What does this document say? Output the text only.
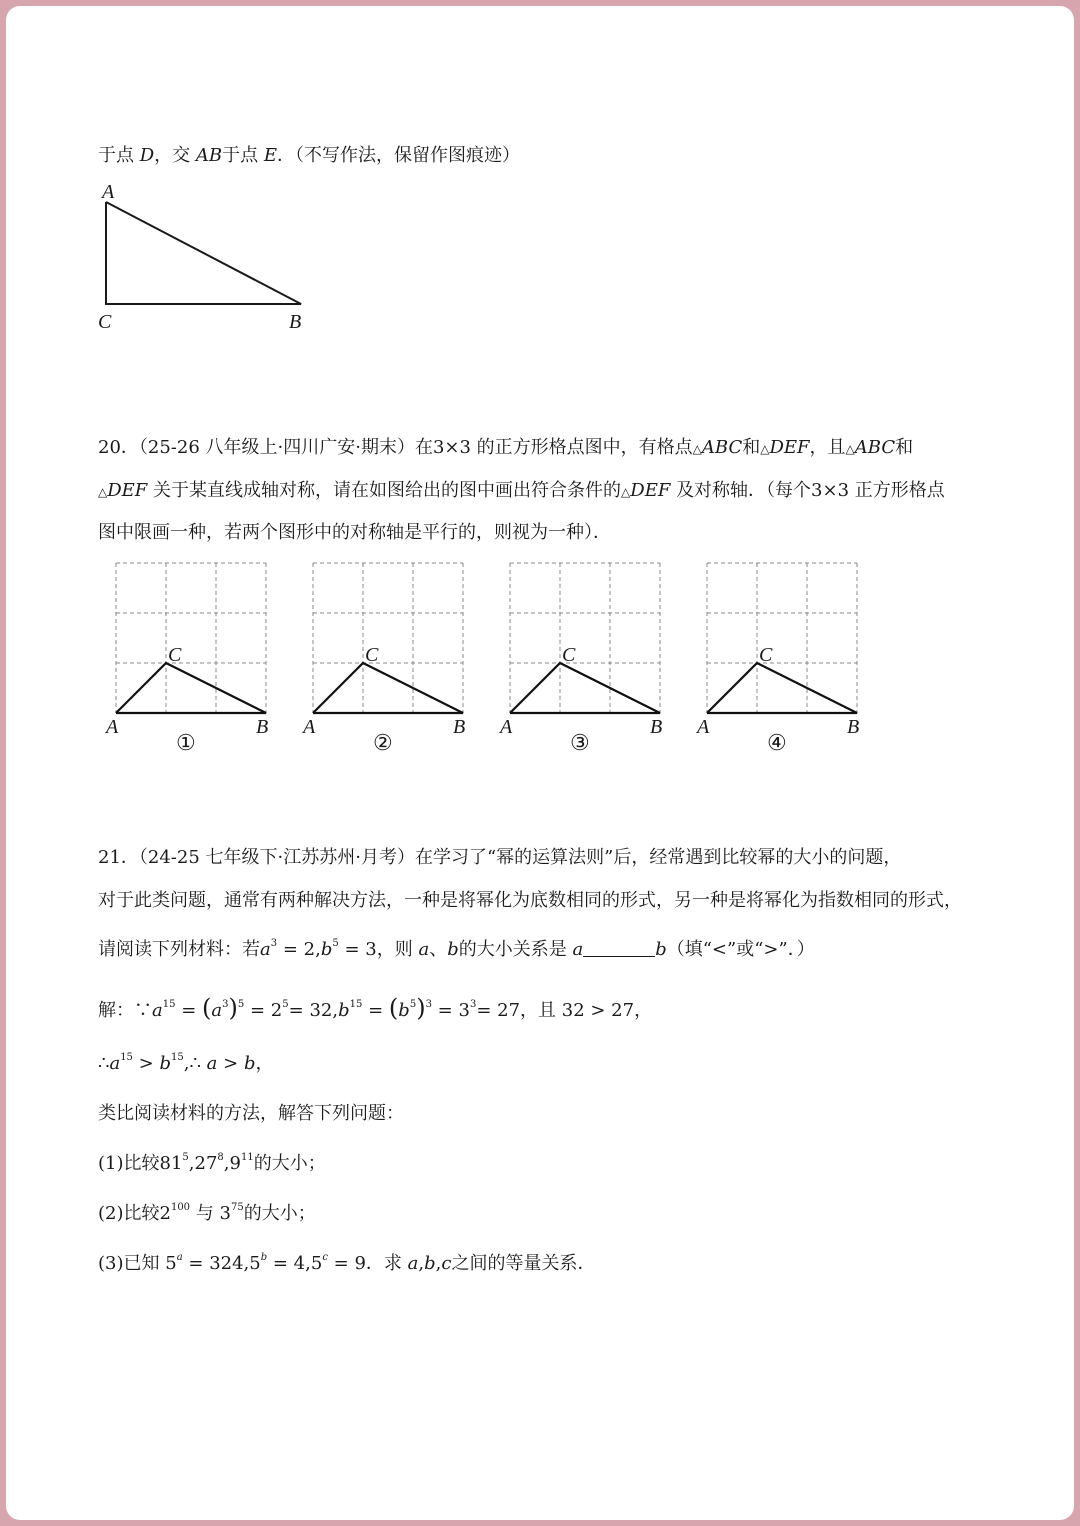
于点 D，交 AB于点 E．（不写作法，保留作图痕迹）
A
C	B
20．（25-26 八年级上·四川广安·期末）在3×3 的正方形格点图中，有格点△ABC和△DEF，且△ABC和
△DEF 关于某直线成轴对称，请在如图给出的图中画出符合条件的△DEF 及对称轴．（每个3×3 正方形格点
图中限画一种，若两个图形中的对称轴是平行的，则视为一种）．
A	B
C
①
A	B
C
②
A	B
C
③
A	B
C
④
21．（24-25 七年级下·江苏苏州·月考）在学习了“幂的运算法则”后，经常遇到比较幂的大小的问题，
对于此类问题，通常有两种解决方法，一种是将幂化为底数相同的形式，另一种是将幂化为指数相同的形式，
请阅读下列材料：若$a^3 = 2,b^5 = 3$，则 a、b的大小关系是 a	b（填“<”或“>”．）
解：$\because a^{15} = (a^3)^5 = 2^5= 32,b^{15} = (b^5)^3 = 3^3= 27$，且 32 > 27，
$\therefore a^{15}$ > $b^{15},\therefore$ a > b，
类比阅读材料的方法，解答下列问题：
(1)比较$81^5,27^8,9^{11}$的大小；
(2)比较$2^{100}$ 与 $3^{75}$的大小；
(3)已知 $5^a = 324,5^b = 4,5^c = 9$．求 a,b,c之间的等量关系．
